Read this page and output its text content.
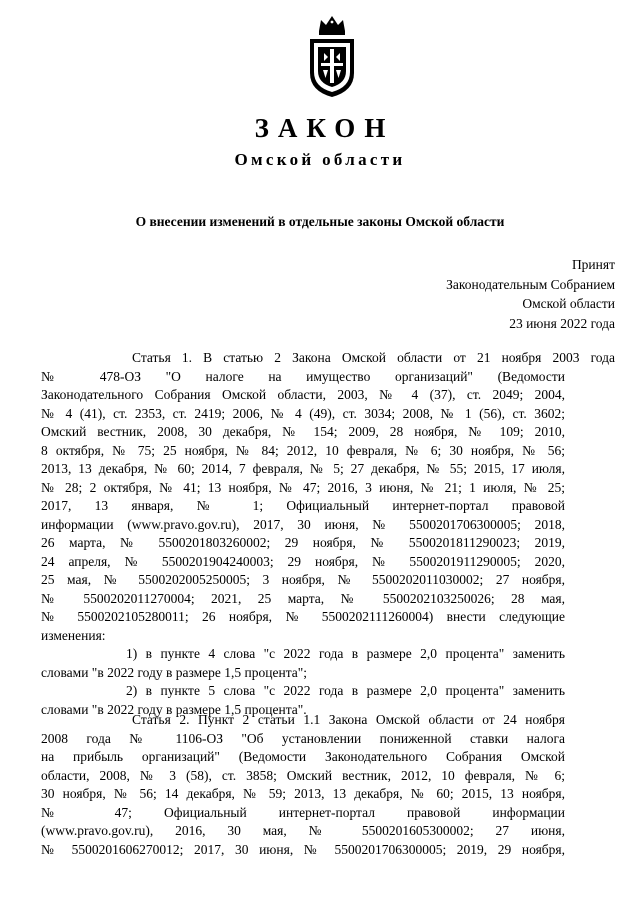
ЗАКОН
Омской области
О внесении изменений в отдельные законы Омской области
Принят
Законодательным Собранием
Омской области
23 июня 2022 года
Статья 1. В статью 2 Закона Омской области от 21 ноября 2003 года
№ 478-ОЗ "О налоге на имущество организаций" (Ведомости
Законодательного Собрания Омской области, 2003, № 4 (37), ст. 2049; 2004,
№ 4 (41), ст. 2353, ст. 2419; 2006, № 4 (49), ст. 3034; 2008, № 1 (56), ст. 3602;
Омский вестник, 2008, 30 декабря, № 154; 2009, 28 ноября, № 109; 2010,
8 октября, № 75; 25 ноября, № 84; 2012, 10 февраля, № 6; 30 ноября, № 56;
2013, 13 декабря, № 60; 2014, 7 февраля, № 5; 27 декабря, № 55; 2015, 17 июля,
№ 28; 2 октября, № 41; 13 ноября, № 47; 2016, 3 июня, № 21; 1 июля, № 25;
2017, 13 января, № 1; Официальный интернет-портал правовой
информации (www.pravo.gov.ru), 2017, 30 июня, № 5500201706300005; 2018,
26 марта, № 5500201803260002; 29 ноября, № 5500201811290023; 2019,
24 апреля, № 5500201904240003; 29 ноября, № 5500201911290005; 2020,
25 мая, № 5500202005250005; 3 ноября, № 5500202011030002; 27 ноября,
№ 5500202011270004; 2021, 25 марта, № 5500202103250026; 28 мая,
№ 5500202105280011; 26 ноября, № 5500202111260004) внести следующие
изменения:
1) в пункте 4 слова "с 2022 года в размере 2,0 процента" заменить
словами "в 2022 году в размере 1,5 процента";
2) в пункте 5 слова "с 2022 года в размере 2,0 процента" заменить
словами "в 2022 году в размере 1,5 процента".
Статья 2. Пункт 2 статьи 1.1 Закона Омской области от 24 ноября
2008 года № 1106-ОЗ "Об установлении пониженной ставки налога
на прибыль организаций" (Ведомости Законодательного Собрания Омской
области, 2008, № 3 (58), ст. 3858; Омский вестник, 2012, 10 февраля, № 6;
30 ноября, № 56; 14 декабря, № 59; 2013, 13 декабря, № 60; 2015, 13 ноября,
№ 47; Официальный интернет-портал правовой информации
(www.pravo.gov.ru), 2016, 30 мая, № 5500201605300002; 27 июня,
№ 5500201606270012; 2017, 30 июня, № 5500201706300005; 2019, 29 ноября,
